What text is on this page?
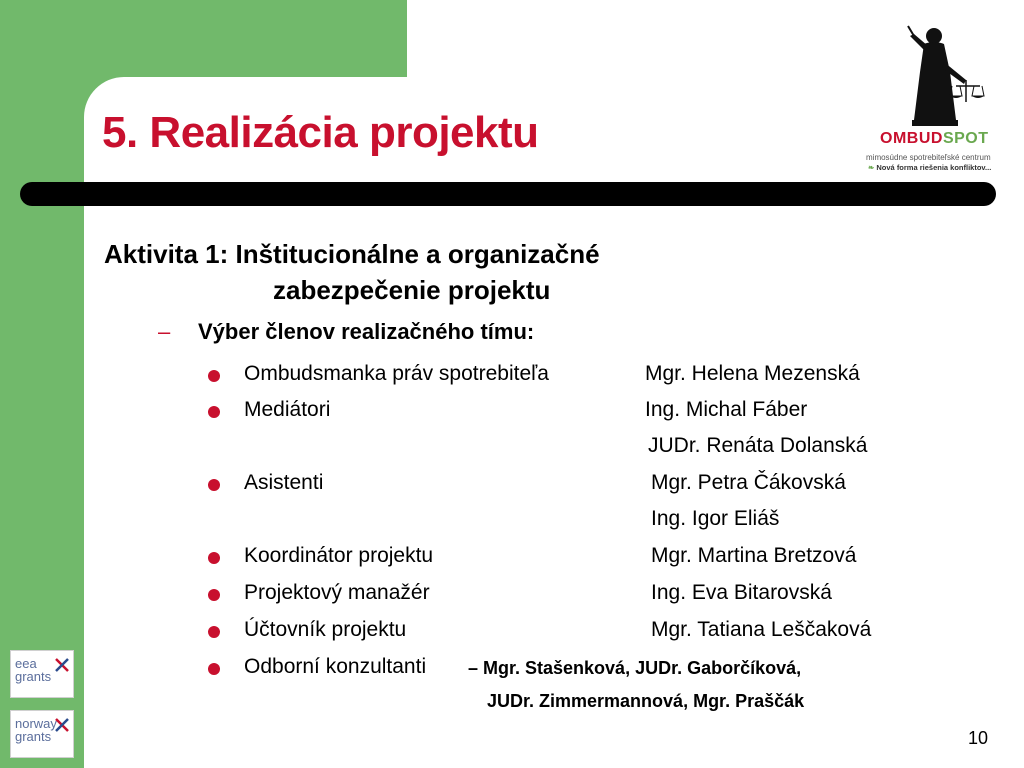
5. Realizácia projektu	OMBUDSPOT
mimosúdne spotrebiteľské centrum
❧ Nová forma riešenia konfliktov...
Aktivita 1: Inštitucionálne a organizačné
zabezpečenie projektu
– Výber členov realizačného tímu:
Ombudsmanka práv spotrebiteľa	Mgr. Helena Mezenská
Mediátori	Ing. Michal Fáber
JUDr. Renáta Dolanská
Asistenti	Mgr. Petra Čákovská
Ing. Igor Eliáš
Koordinátor projektu	Mgr. Martina Bretzová
Projektový manažér	Ing. Eva Bitarovská
Účtovník projektu	Mgr. Tatiana Leščaková
Odborní konzultanti – Mgr. Stašenková, JUDr. Gaborčíková,
JUDr. Zimmermannová, Mgr. Praščák
eea grants
norway grants	10
